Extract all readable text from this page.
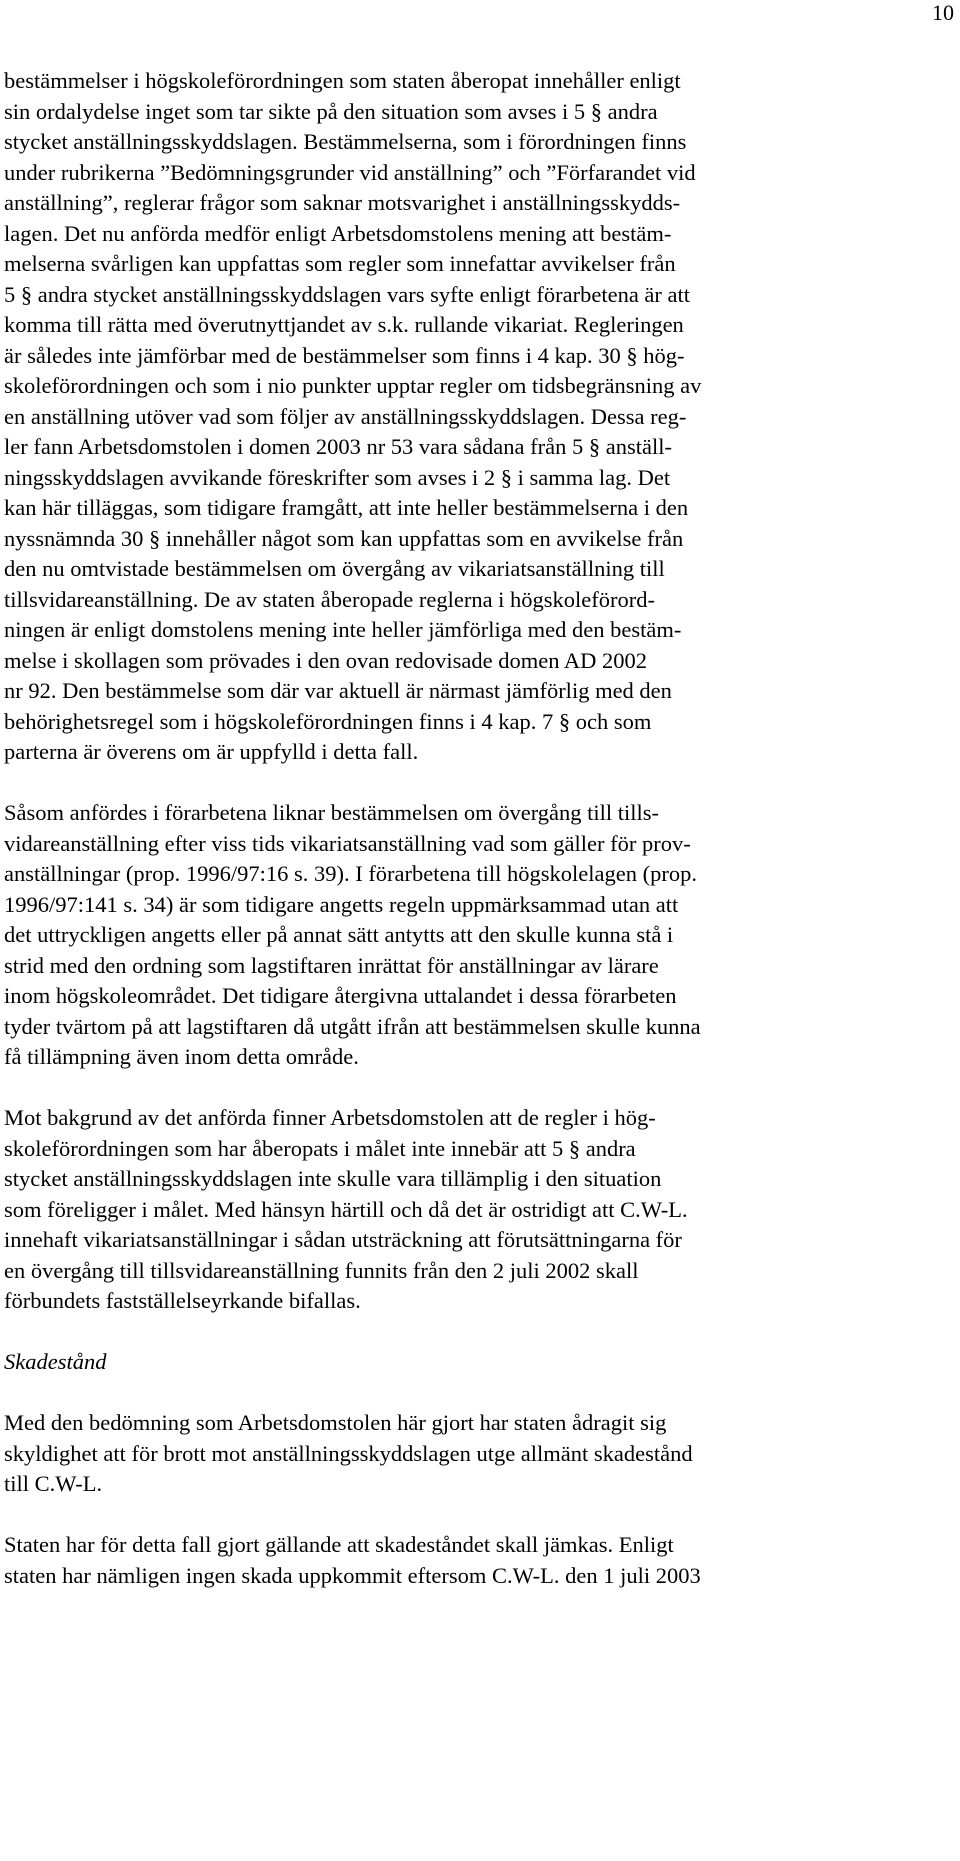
10
bestämmelser i högskoleförordningen som staten åberopat innehåller enligt
sin ordalydelse inget som tar sikte på den situation som avses i 5 § andra
stycket anställningsskyddslagen. Bestämmelserna, som i förordningen finns
under rubrikerna ”Bedömningsgrunder vid anställning” och ”Förfarandet vid
anställning”, reglerar frågor som saknar motsvarighet i anställningsskydds-
lagen. Det nu anförda medför enligt Arbetsdomstolens mening att bestäm-
melserna svårligen kan uppfattas som regler som innefattar avvikelser från
5 § andra stycket anställningsskyddslagen vars syfte enligt förarbetena är att
komma till rätta med överutnyttjandet av s.k. rullande vikariat. Regleringen
är således inte jämförbar med de bestämmelser som finns i 4 kap. 30 § hög-
skoleförordningen och som i nio punkter upptar regler om tidsbegränsning av
en anställning utöver vad som följer av anställningsskyddslagen. Dessa reg-
ler fann Arbetsdomstolen i domen 2003 nr 53 vara sådana från 5 § anställ-
ningsskyddslagen avvikande föreskrifter som avses i 2 § i samma lag. Det
kan här tilläggas, som tidigare framgått, att inte heller bestämmelserna i den
nyssnämnda 30 § innehåller något som kan uppfattas som en avvikelse från
den nu omtvistade bestämmelsen om övergång av vikariatsanställning till
tillsvidareanställning. De av staten åberopade reglerna i högskoleförord-
ningen är enligt domstolens mening inte heller jämförliga med den bestäm-
melse i skollagen som prövades i den ovan redovisade domen AD 2002
nr 92. Den bestämmelse som där var aktuell är närmast jämförlig med den
behörighetsregel som i högskoleförordningen finns i 4 kap. 7 § och som
parterna är överens om är uppfylld i detta fall.
Såsom anfördes i förarbetena liknar bestämmelsen om övergång till tills-
vidareanställning efter viss tids vikariatsanställning vad som gäller för prov-
anställningar (prop. 1996/97:16 s. 39). I förarbetena till högskolelagen (prop.
1996/97:141 s. 34) är som tidigare angetts regeln uppmärksammad utan att
det uttryckligen angetts eller på annat sätt antytts att den skulle kunna stå i
strid med den ordning som lagstiftaren inrättat för anställningar av lärare
inom högskoleområdet. Det tidigare återgivna uttalandet i dessa förarbeten
tyder tvärtom på att lagstiftaren då utgått ifrån att bestämmelsen skulle kunna
få tillämpning även inom detta område.
Mot bakgrund av det anförda finner Arbetsdomstolen att de regler i hög-
skoleförordningen som har åberopats i målet inte innebär att 5 § andra
stycket anställningsskyddslagen inte skulle vara tillämplig i den situation
som föreligger i målet. Med hänsyn härtill och då det är ostridigt att C.W-L.
innehaft vikariatsanställningar i sådan utsträckning att förutsättningarna för
en övergång till tillsvidareanställning funnits från den 2 juli 2002 skall
förbundets fastställelseyrkande bifallas.
Skadestånd
Med den bedömning som Arbetsdomstolen här gjort har staten ådragit sig
skyldighet att för brott mot anställningsskyddslagen utge allmänt skadestånd
till C.W-L.
Staten har för detta fall gjort gällande att skadeståndet skall jämkas. Enligt
staten har nämligen ingen skada uppkommit eftersom C.W-L. den 1 juli 2003
